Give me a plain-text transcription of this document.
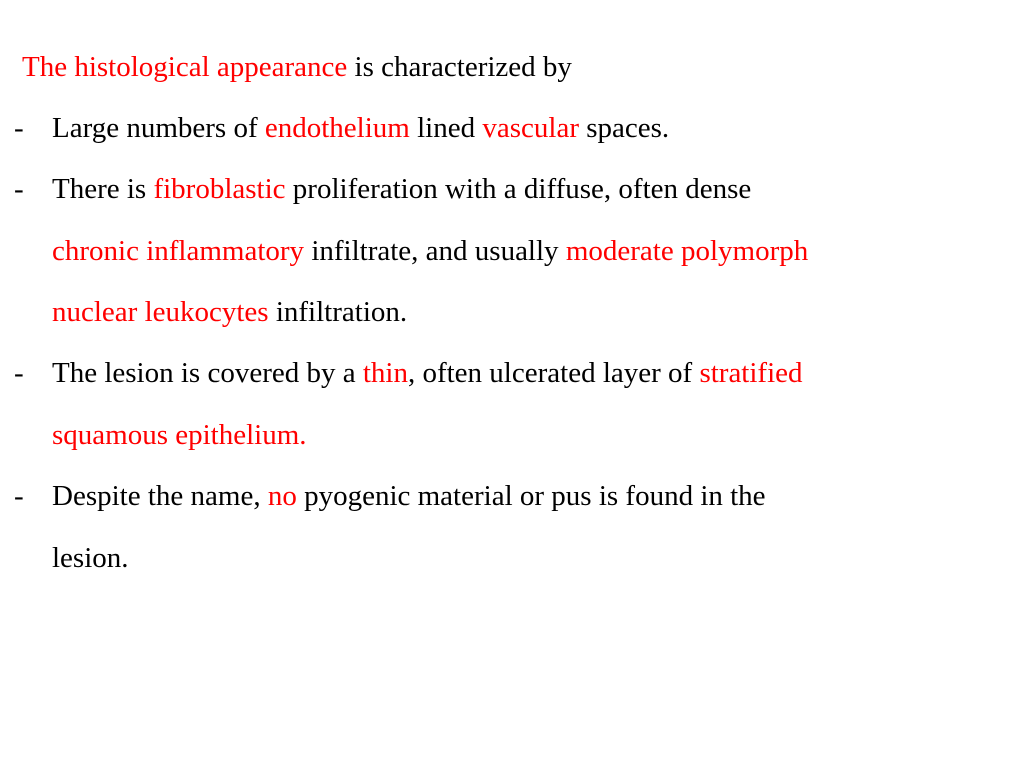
The histological appearance is characterized by
- Large numbers of endothelium lined vascular spaces.
- There is fibroblastic proliferation with a diffuse, often dense
chronic inflammatory infiltrate, and usually moderate polymorph
nuclear leukocytes infiltration.
- The lesion is covered by a thin, often ulcerated layer of stratified
squamous epithelium.
- Despite the name, no pyogenic material or pus is found in the
lesion.
